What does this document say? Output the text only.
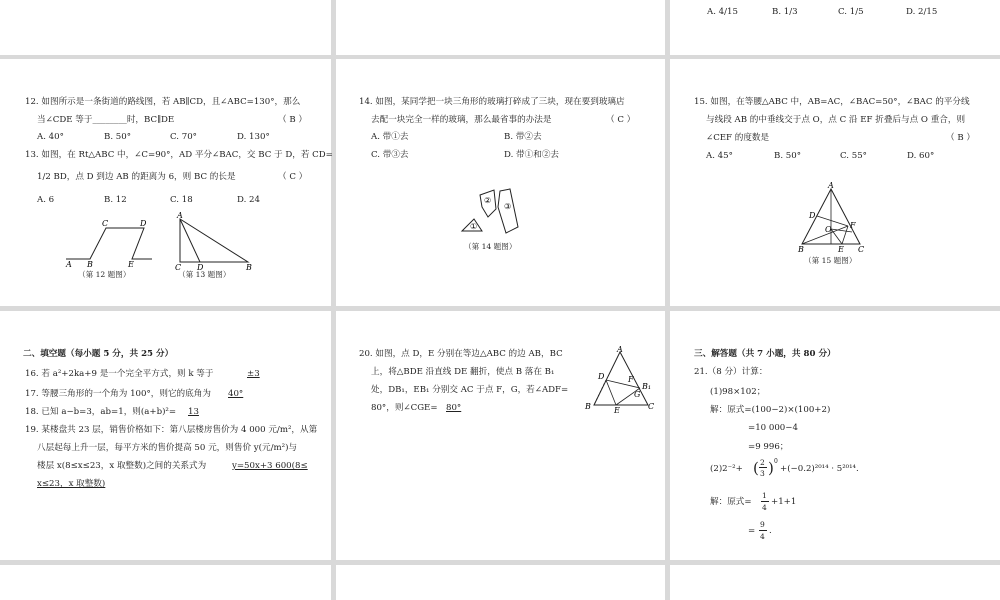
A. 4/15	B. 1/3	C. 1/5	D. 2/15
12. 如图所示是一条街道的路线图，若 AB∥CD，且∠ABC=130°，那么
当∠CDE 等于________时，BC∥DE	（ B ）
A. 40°	B. 50°	C. 70°	D. 130°
13. 如图，在 Rt△ABC 中，∠C=90°，AD 平分∠BAC，交 BC 于 D，若 CD=
1/2 BD，点 D 到边 AB 的距离为 6，则 BC 的长是	（ C ）
A. 6	B. 12	C. 18	D. 24
A B
C	D
E
（第 12 题图）
A
C D	B
（第 13 题图）
14. 如图，某同学把一块三角形的玻璃打碎成了三块，现在要到玻璃店
去配一块完全一样的玻璃，那么最省事的办法是	（ C ）
A. 带①去	B. 带②去
C. 带③去	D. 带①和②去
①
②
③
（第 14 题图）
15. 如图，在等腰△ABC 中，AB=AC，∠BAC=50°，∠BAC 的平分线
与线段 AB 的中垂线交于点 O，点 C 沿 EF 折叠后与点 O 重合，则
∠CEF 的度数是	（ B ）
A. 45°	B. 50°	C. 55°	D. 60°
A
D
O F
B	E C
（第 15 题图）
二、填空题（每小题 5 分，共 25 分）
16. 若 a²+2ka+9 是一个完全平方式，则 k 等于	±3
17. 等腰三角形的一个角为 100°，则它的底角为 40°
18. 已知 a−b=3，ab=1，则(a+b)²= 13
19. 某楼盘共 23 层，销售价格如下：第八层楼房售价为 4 000 元/m²，从第
八层起每上升一层，每平方米的售价提高 50 元，则售价 y(元/m²)与
楼层 x(8≤x≤23，x 取整数)之间的关系式为	y=50x+3 600(8≤
x≤23，x 取整数)
20. 如图，点 D，E 分别在等边△ABC 的边 AB，BC
上，将△BDE 沿直线 DE 翻折，使点 B 落在 B₁
处，DB₁，EB₁ 分别交 AC 于点 F，G，若∠ADF=
80°，则∠CGE= 80°
A
D	F
B₁
G
B	E	C
三、解答题（共 7 小题，共 80 分）
21.（8 分）计算：
(1)98×102；
解：原式=(100−2)×(100+2)
=10 000−4
=9 996；
(2)2⁻²+ ( 2
3 ) 0
+(−0.2)²⁰¹⁴ · 5²⁰¹⁴.
解：原式=
1
4
+1+1
=
9
4
.
